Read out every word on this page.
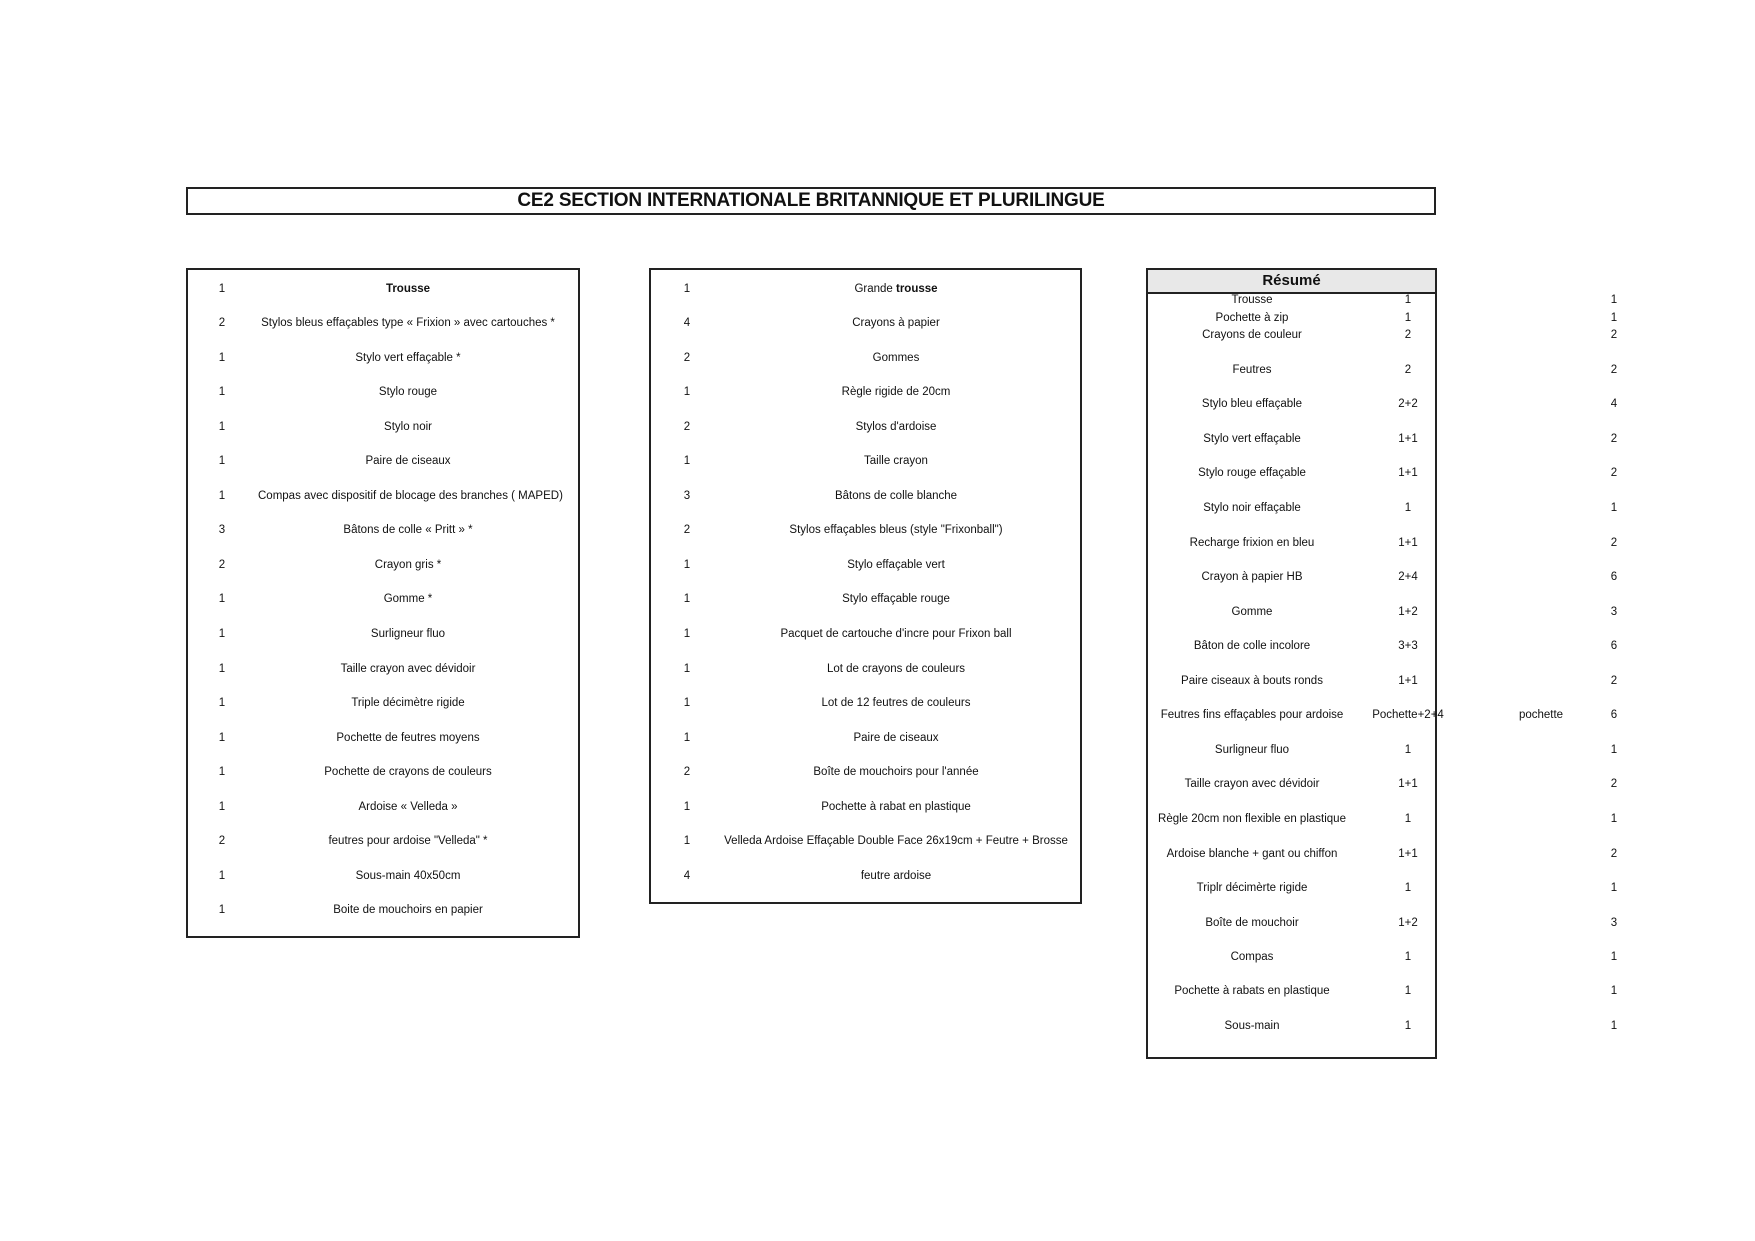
CE2 SECTION INTERNATIONALE BRITANNIQUE ET PLURILINGUE
1	Trousse
2	Stylos bleus effaçables type « Frixion » avec cartouches *
1	Stylo vert effaçable *
1	Stylo rouge
1	Stylo noir
1	Paire de ciseaux
1	Compas avec dispositif de blocage des branches ( MAPED)
3	Bâtons de colle « Pritt » *
2	Crayon gris *
1	Gomme *
1	Surligneur fluo
1	Taille crayon avec dévidoir
1	Triple décimètre rigide
1	Pochette de feutres moyens
1	Pochette de crayons de couleurs
1	Ardoise « Velleda »
2	feutres pour ardoise "Velleda" *
1	Sous-main 40x50cm
1	Boite de mouchoirs en papier
1	Grande trousse
4	Crayons à papier
2	Gommes
1	Règle rigide de 20cm
2	Stylos d'ardoise
1	Taille crayon
3	Bâtons de colle blanche
2	Stylos effaçables bleus (style "Frixonball")
1	Stylo effaçable vert
1	Stylo effaçable rouge
1	Pacquet de cartouche d'incre pour Frixon ball
1	Lot de crayons de couleurs
1	Lot de 12 feutres de couleurs
1	Paire de ciseaux
2	Boîte de mouchoirs pour l'année
1	Pochette à rabat en plastique
1	Velleda Ardoise Effaçable Double Face 26x19cm + Feutre + Brosse
4	feutre ardoise
Résumé
Trousse	1	1
Pochette à zip	1	1
Crayons de couleur	2	2
Feutres	2	2
Stylo bleu effaçable	2+2	4
Stylo vert effaçable	1+1	2
Stylo rouge effaçable	1+1	2
Stylo noir effaçable	1	1
Recharge frixion en bleu	1+1	2
Crayon à papier HB	2+4	6
Gomme	1+2	3
Bâton de colle incolore	3+3	6
Paire ciseaux à bouts ronds	1+1	2
Feutres fins effaçables pour ardoise	Pochette+2+4	pochette	6
Surligneur fluo	1	1
Taille crayon avec dévidoir	1+1	2
Règle 20cm non flexible en plastique	1	1
Ardoise blanche + gant ou chiffon	1+1	2
Triplr décimèrte rigide	1	1
Boîte de mouchoir	1+2	3
Compas	1	1
Pochette à rabats en plastique	1	1
Sous-main	1	1
